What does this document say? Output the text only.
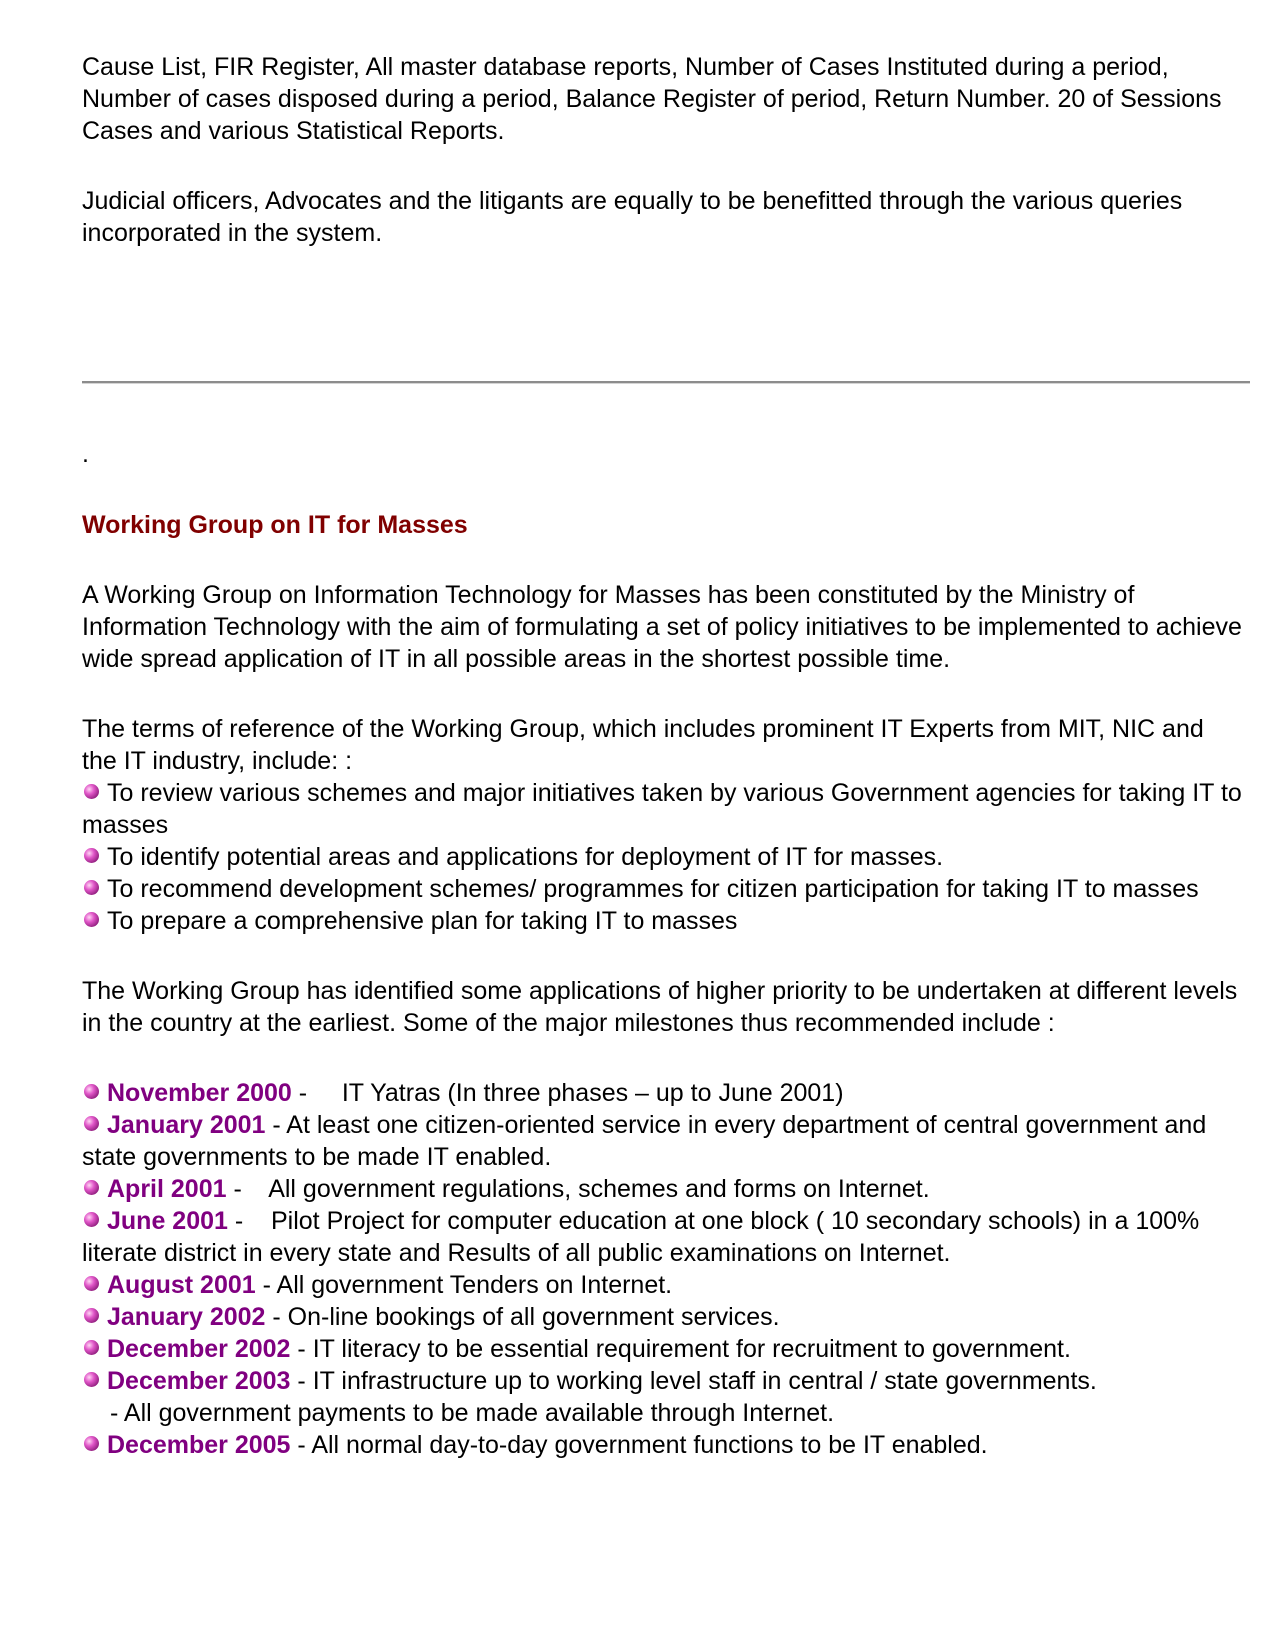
Cause List, FIR Register, All master database reports, Number of Cases Instituted during a period, Number of cases disposed during a period, Balance Register of period, Return Number. 20 of Sessions Cases and various Statistical Reports.

Judicial officers, Advocates and the litigants are equally to be benefitted through the various queries incorporated in the system.

.
Working Group on IT for Masses

A Working Group on Information Technology for Masses has been constituted by the Ministry of Information Technology with the aim of formulating a set of policy initiatives to be implemented to achieve wide spread application of IT in all possible areas in the shortest possible time.

The terms of reference of the Working Group, which includes prominent IT Experts from MIT, NIC and the IT industry, include: :

To review various schemes and major initiatives taken by various Government agencies for taking IT to masses
To identify potential areas and applications for deployment of IT for masses.
To recommend development schemes/ programmes for citizen participation for taking IT to masses
To prepare a comprehensive plan for taking IT to masses

The Working Group has identified some applications of higher priority to be undertaken at different levels in the country at the earliest. Some of the major milestones thus recommended include :

November 2000 -     IT Yatras (In three phases – up to June 2001)
January 2001 - At least one citizen-oriented service in every department of central government and state governments to be made IT enabled.
April 2001 -    All government regulations, schemes and forms on Internet.
June 2001 -    Pilot Project for computer education at one block ( 10 secondary schools) in a 100% literate district in every state and Results of all public examinations on Internet.
August 2001 - All government Tenders on Internet.
January 2002 - On-line bookings of all government services.
December 2002 - IT literacy to be essential requirement for recruitment to government.
December 2003 - IT infrastructure up to working level staff in central / state governments.
- All government payments to be made available through Internet.
December 2005 - All normal day-to-day government functions to be IT enabled.
